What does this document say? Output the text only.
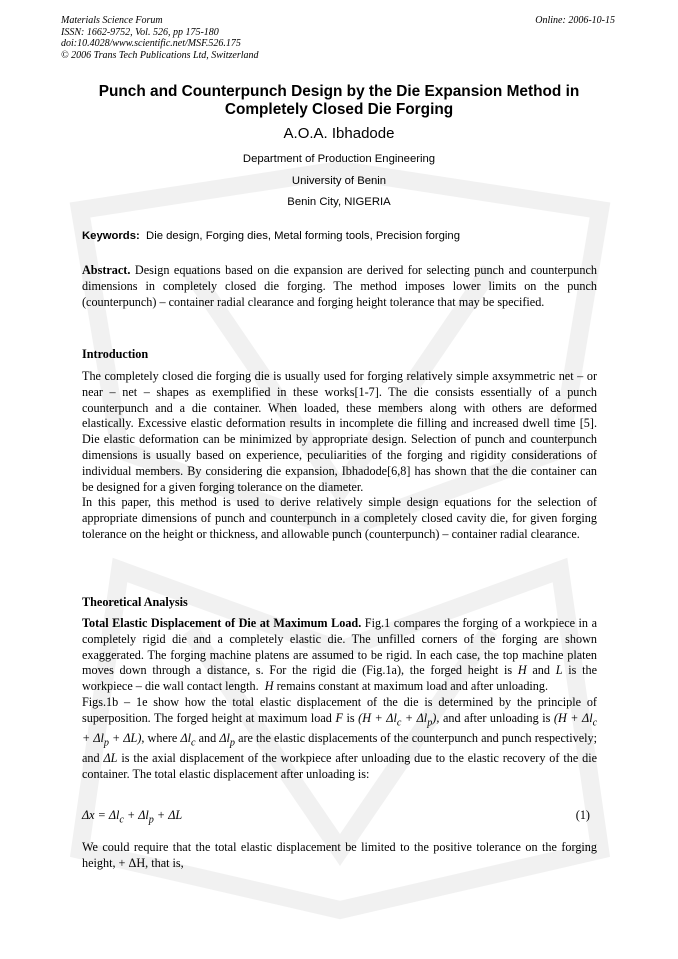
Materials Science Forum
ISSN: 1662-9752, Vol. 526, pp 175-180
doi:10.4028/www.scientific.net/MSF.526.175
© 2006 Trans Tech Publications Ltd, Switzerland
Online: 2006-10-15
Punch and Counterpunch Design by the Die Expansion Method in
Completely Closed Die Forging
A.O.A. Ibhadode
Department of Production Engineering
University of Benin
Benin City, NIGERIA
Keywords: Die design, Forging dies, Metal forming tools, Precision forging

Abstract. Design equations based on die expansion are derived for selecting punch and counterpunch dimensions in completely closed die forging. The method imposes lower limits on the punch (counterpunch) – container radial clearance and forging height tolerance that may be specified.

Introduction

The completely closed die forging die is usually used for forging relatively simple axsymmetric net – or near – net – shapes as exemplified in these works[1-7]. The die consists essentially of a punch counterpunch and a die container. When loaded, these members along with others are deformed elastically. Excessive elastic deformation results in incomplete die filling and increased dwell time [5]. Die elastic deformation can be minimized by appropriate design. Selection of punch and counterpunch dimensions is usually based on experience, peculiarities of the forging and rigidity considerations of individual members. By considering die expansion, Ibhadode[6,8] has shown that the die container can be designed for a given forging tolerance on the diameter.

In this paper, this method is used to derive relatively simple design equations for the selection of appropriate dimensions of punch and counterpunch in a completely closed cavity die, for given forging tolerance on the height or thickness, and allowable punch (counterpunch) – container radial clearance.

Theoretical Analysis

Total Elastic Displacement of Die at Maximum Load. Fig.1 compares the forging of a workpiece in a completely rigid die and a completely elastic die. The unfilled corners of the forging are shown exaggerated. The forging machine platens are assumed to be rigid. In each case, the top machine platen moves down through a distance, s. For the rigid die (Fig.1a), the forged height is H and L is the workpiece – die wall contact length. H remains constant at maximum load and after unloading.

Figs.1b – 1e show how the total elastic displacement of the die is determined by the principle of superposition. The forged height at maximum load F is $(H + \Delta l_c + \Delta l_p)$, and after unloading is $(H + \Delta l_c + \Delta l_p + \Delta L)$, where $\Delta l_c$ and $\Delta l_p$ are the elastic displacements of the counterpunch and punch respectively; and ΔL is the axial displacement of the workpiece after unloading due to the elastic recovery of the die container. The total elastic displacement after unloading is:

$\Delta x = \Delta l_c + \Delta l_p + \Delta L$	(1)
We could require that the total elastic displacement be limited to the positive tolerance on the forging height, + ΔH, that is,
